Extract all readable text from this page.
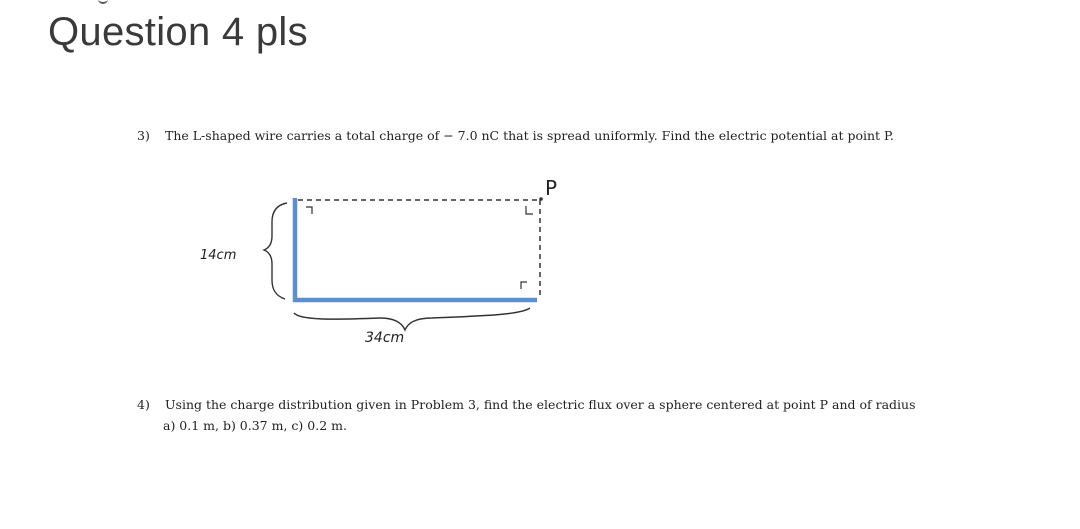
Question 4 pls
3) The L-shaped wire carries a total charge of − 7.0 nC that is spread uniformly. Find the electric potential at point P.
14cm
34cm
P
4) Using the charge distribution given in Problem 3, find the electric flux over a sphere centered at point P and of radius
a) 0.1 m, b) 0.37 m, c) 0.2 m.
